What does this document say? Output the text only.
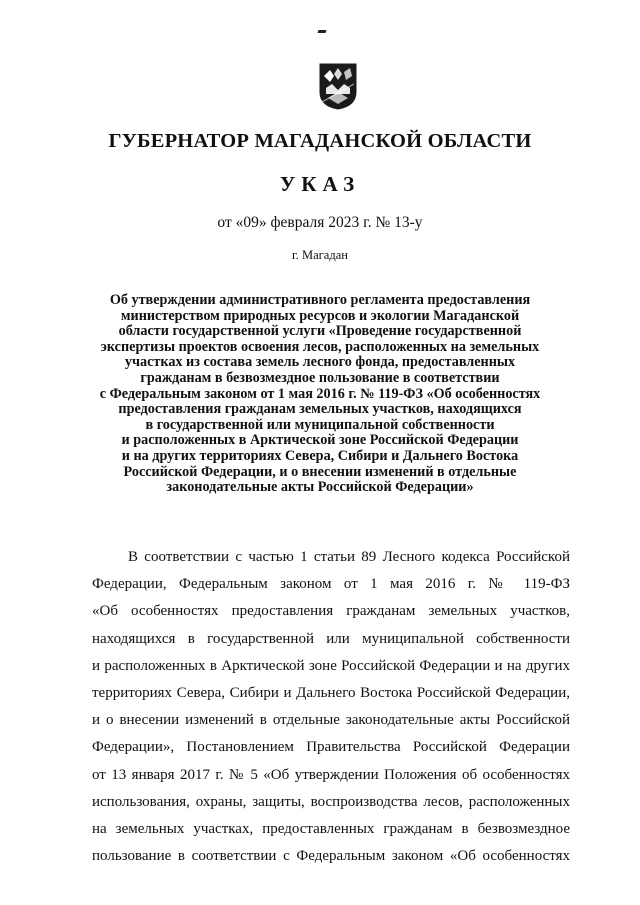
ГУБЕРНАТОР МАГАДАНСКОЙ ОБЛАСТИ
УКАЗ
от «09» февраля 2023 г. № 13-у
г. Магадан
Об утверждении административного регламента предоставления
министерством природных ресурсов и экологии Магаданской
области государственной услуги «Проведение государственной
экспертизы проектов освоения лесов, расположенных на земельных
участках из состава земель лесного фонда, предоставленных
гражданам в безвозмездное пользование в соответствии
с Федеральным законом от 1 мая 2016 г. № 119-ФЗ «Об особенностях
предоставления гражданам земельных участков, находящихся
в государственной или муниципальной собственности
и расположенных в Арктической зоне Российской Федерации
и на других территориях Севера, Сибири и Дальнего Востока
Российской Федерации, и о внесении изменений в отдельные
законодательные акты Российской Федерации»
В соответствии с частью 1 статьи 89 Лесного кодекса Российской
Федерации, Федеральным законом от 1 мая 2016 г. № 119-ФЗ
«Об особенностях предоставления гражданам земельных участков,
находящихся в государственной или муниципальной собственности
и расположенных в Арктической зоне Российской Федерации и на других
территориях Севера, Сибири и Дальнего Востока Российской Федерации,
и о внесении изменений в отдельные законодательные акты Российской
Федерации», Постановлением Правительства Российской Федерации
от 13 января 2017 г. № 5 «Об утверждении Положения об особенностях
использования, охраны, защиты, воспроизводства лесов, расположенных
на земельных участках, предоставленных гражданам в безвозмездное
пользование в соответствии с Федеральным законом «Об особенностях
